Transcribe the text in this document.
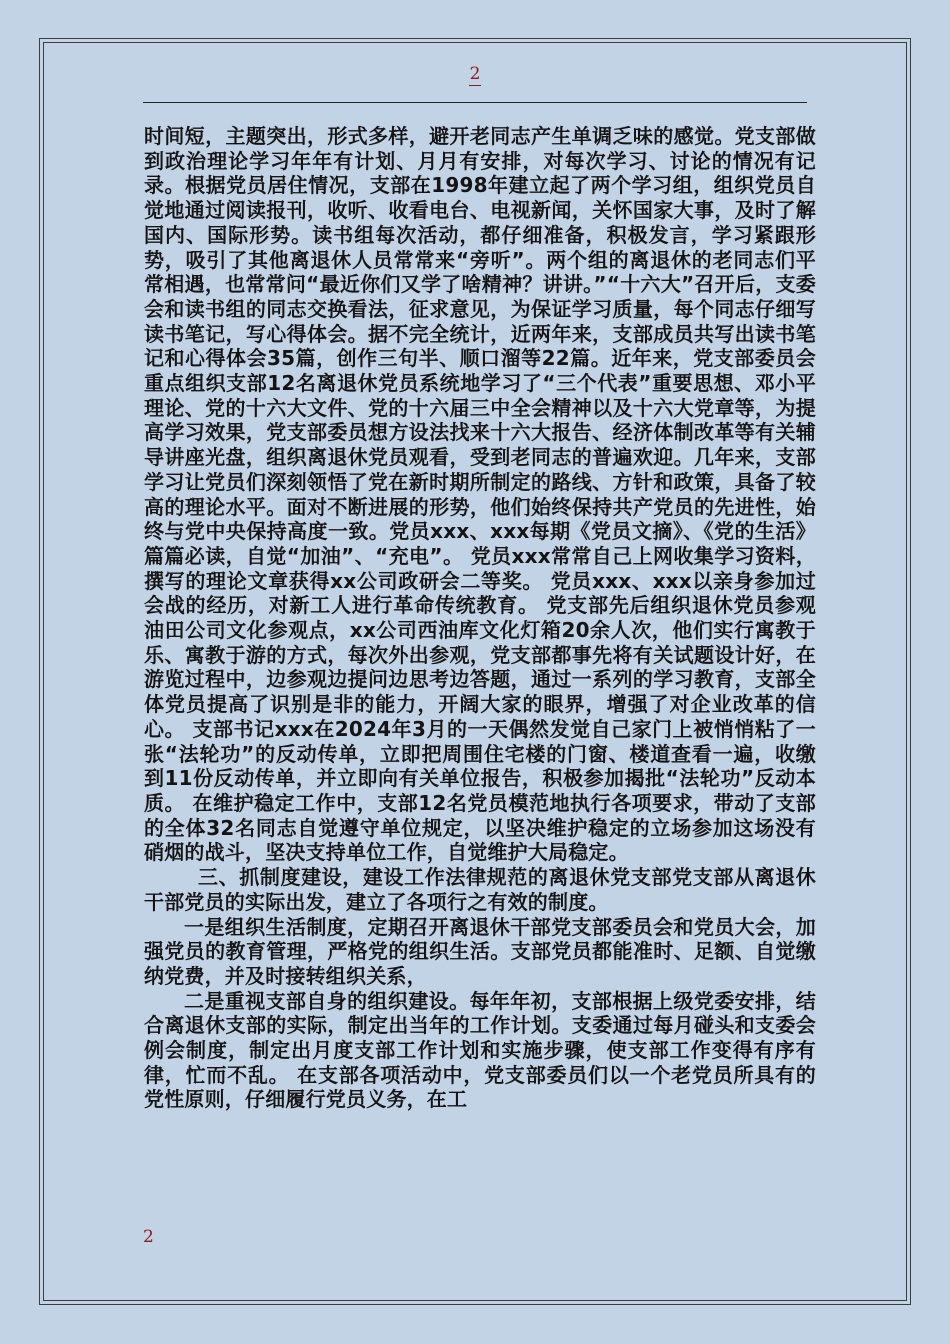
2

时间短，主题突出，形式多样，避开老同志产生单调乏味的感觉。党支部做到政治理论学习年年有计划、月月有安排，对每次学习、讨论的情况有记录。根据党员居住情况，支部在1998年建立起了两个学习组，组织党员自觉地通过阅读报刊，收听、收看电台、电视新闻，关怀国家大事，及时了解国内、国际形势。读书组每次活动，都仔细准备，积极发言，学习紧跟形势，吸引了其他离退休人员常常来“旁听”。两个组的离退休的老同志们平常相遇，也常常问“最近你们又学了啥精神？讲讲。”“十六大”召开后，支委会和读书组的同志交换看法，征求意见，为保证学习质量，每个同志仔细写读书笔记，写心得体会。据不完全统计，近两年来，支部成员共写出读书笔记和心得体会35篇，创作三句半、顺口溜等22篇。近年来，党支部委员会重点组织支部12名离退休党员系统地学习了“三个代表”重要思想、邓小平理论、党的十六大文件、党的十六届三中全会精神以及十六大党章等，为提高学习效果，党支部委员想方设法找来十六大报告、经济体制改革等有关辅导讲座光盘，组织离退休党员观看，受到老同志的普遍欢迎。几年来，支部学习让党员们深刻领悟了党在新时期所制定的路线、方针和政策，具备了较高的理论水平。面对不断进展的形势，他们始终保持共产党员的先进性，始终与党中央保持高度一致。党员xxx、xxx每期《党员文摘》、《党的生活》篇篇必读，自觉“加油”、“充电”。 党员xxx常常自己上网收集学习资料，撰写的理论文章获得xx公司政研会二等奖。 党员xxx、xxx以亲身参加过会战的经历，对新工人进行革命传统教育。 党支部先后组织退休党员参观油田公司文化参观点，xx公司西油库文化灯箱20余人次，他们实行寓教于乐、寓教于游的方式，每次外出参观，党支部都事先将有关试题设计好，在游览过程中，边参观边提问边思考边答题，通过一系列的学习教育，支部全体党员提高了识别是非的能力，开阔大家的眼界，增强了对企业改革的信心。 支部书记xxx在2024年3月的一天偶然发觉自己家门上被悄悄粘了一张“法轮功”的反动传单，立即把周围住宅楼的门窗、楼道查看一遍，收缴到11份反动传单，并立即向有关单位报告，积极参加揭批“法轮功”反动本质。 在维护稳定工作中，支部12名党员模范地执行各项要求，带动了支部的全体32名同志自觉遵守单位规定，以坚决维护稳定的立场参加这场没有硝烟的战斗，坚决支持单位工作，自觉维护大局稳定。

三、抓制度建设，建设工作法律规范的离退休党支部党支部从离退休干部党员的实际出发，建立了各项行之有效的制度。

一是组织生活制度，定期召开离退休干部党支部委员会和党员大会，加强党员的教育管理，严格党的组织生活。支部党员都能准时、足额、自觉缴纳党费，并及时接转组织关系，

二是重视支部自身的组织建设。每年年初，支部根据上级党委安排，结合离退休支部的实际，制定出当年的工作计划。支委通过每月碰头和支委会例会制度，制定出月度支部工作计划和实施步骤，使支部工作变得有序有律，忙而不乱。 在支部各项活动中，党支部委员们以一个老党员所具有的党性原则，仔细履行党员义务，在工

2
